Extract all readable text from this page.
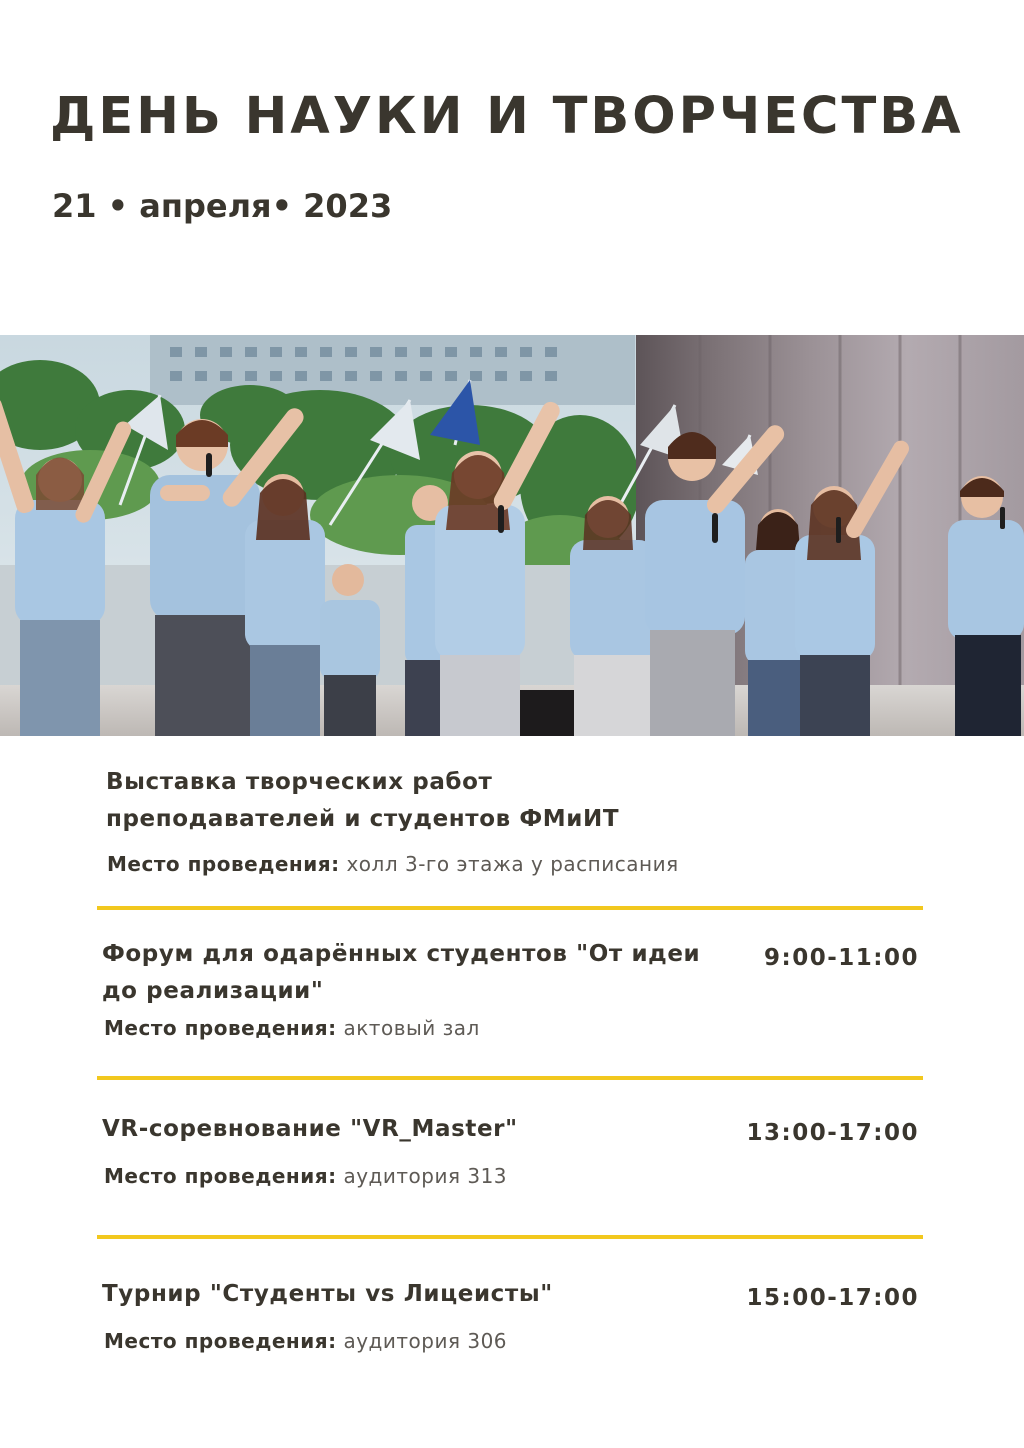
ДЕНЬ НАУКИ И ТВОРЧЕСТВА
21 • апреля• 2023
Выставка творческих работ
преподавателей и студентов ФМиИТ
Место проведения: холл 3-го этажа у расписания
Форум для одарённых студентов "От идеи
до реализации"
9:00-11:00
Место проведения: актовый зал
VR-соревнование "VR_Master"	13:00-17:00
Место проведения: аудитория 313
Турнир "Студенты vs Лицеисты"	15:00-17:00
Место проведения: аудитория 306
